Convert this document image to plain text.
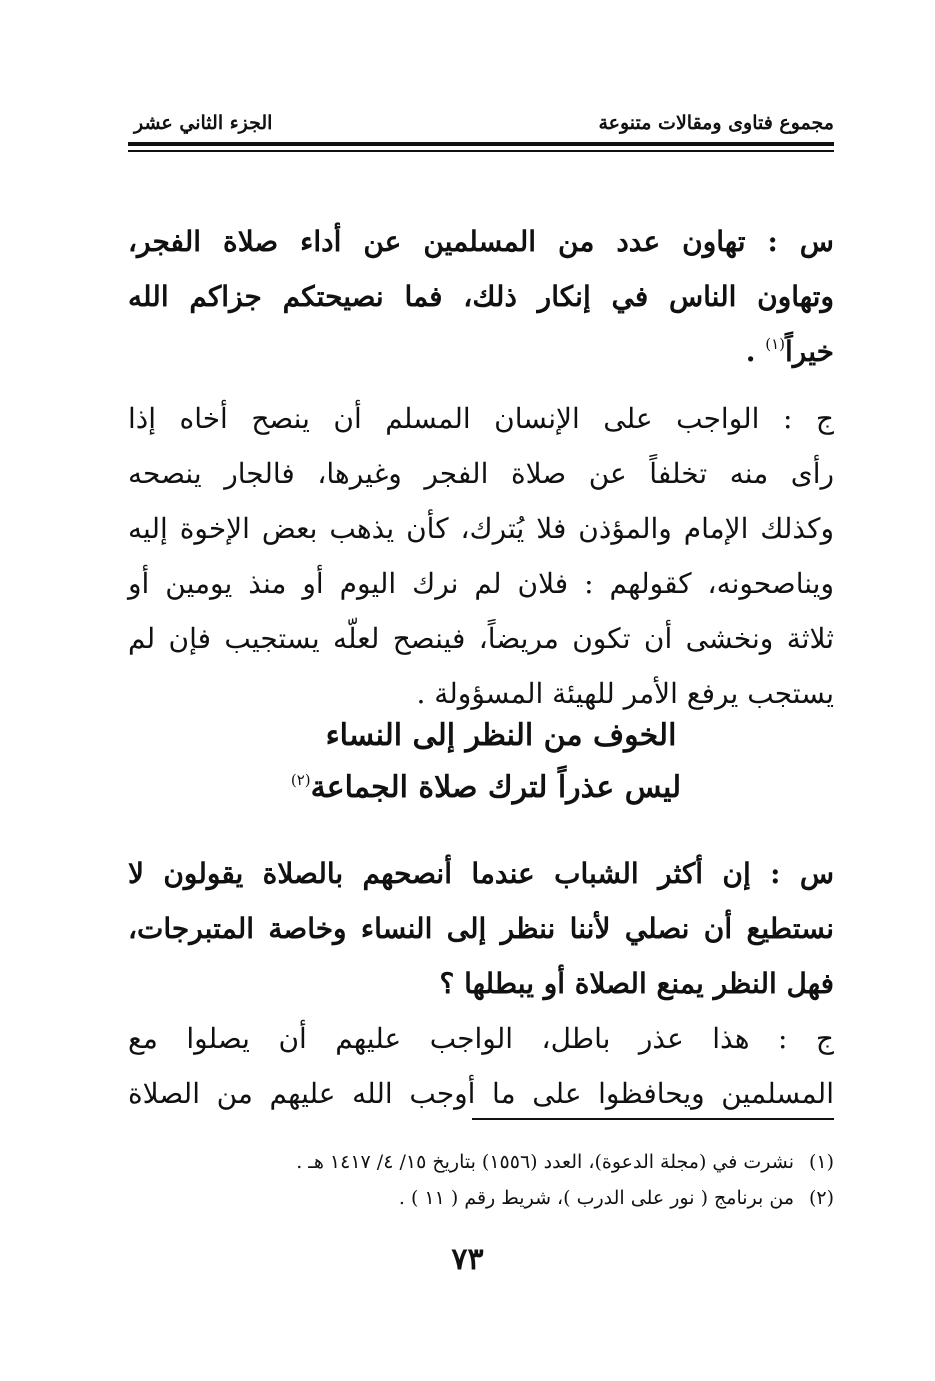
مجموع فتاوى ومقالات متنوعة
الجزء الثاني عشر
س : تهاون عدد من المسلمين عن أداء صلاة الفجر،
وتهاون الناس في إنكار ذلك، فما نصيحتكم جزاكم الله
خيراً$^{(١)}$ .
ج : الواجب على الإنسان المسلم أن ينصح أخاه إذا
رأى منه تخلفاً عن صلاة الفجر وغيرها، فالجار ينصحه
وكذلك الإمام والمؤذن فلا يُترك، كأن يذهب بعض الإخوة إليه
ويناصحونه، كقولهم : فلان لم نرك اليوم أو منذ يومين أو
ثلاثة ونخشى أن تكون مريضاً، فينصح لعلّه يستجيب فإن لم
يستجب يرفع الأمر للهيئة المسؤولة .
الخوف من النظر إلى النساء
ليس عذراً لترك صلاة الجماعة$^{(٢)}$
س : إن أكثر الشباب عندما أنصحهم بالصلاة يقولون لا
نستطيع أن نصلي لأننا ننظر إلى النساء وخاصة المتبرجات،
فهل النظر يمنع الصلاة أو يبطلها ؟
ج : هذا عذر باطل، الواجب عليهم أن يصلوا مع
المسلمين ويحافظوا على ما أوجب الله عليهم من الصلاة
(١)نشرت في (مجلة الدعوة)، العدد (١٥٥٦) بتاريخ ١٥/ ٤/ ١٤١٧ هـ .
(٢)من برنامج ( نور على الدرب )، شريط رقم ( ١١ ) .
٧٣
